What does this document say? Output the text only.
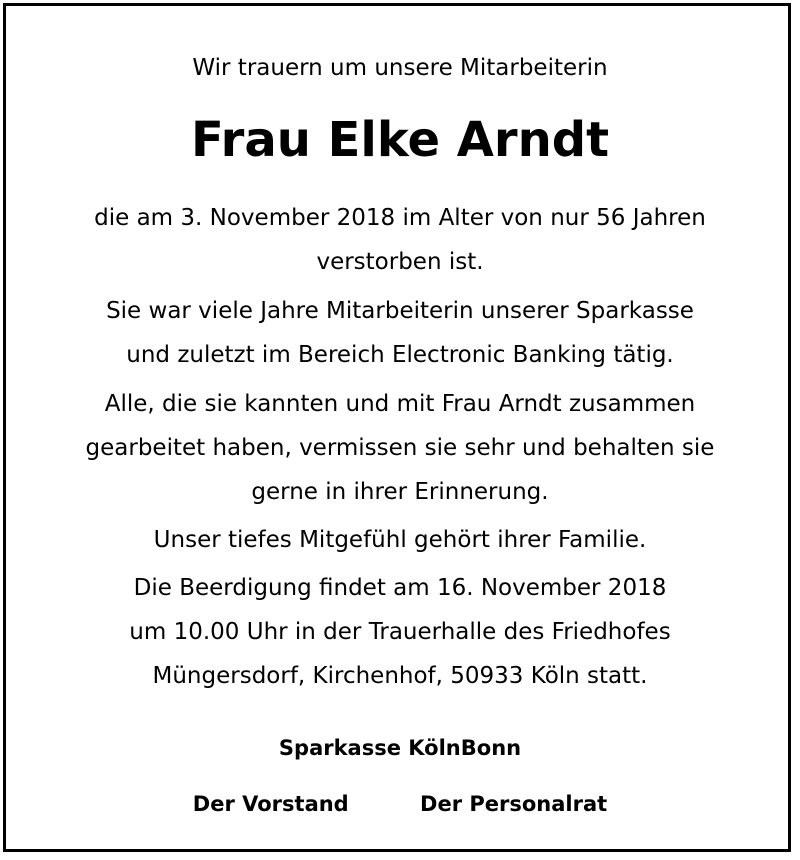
Wir trauern um unsere Mitarbeiterin
Frau Elke Arndt

die am 3. November 2018 im Alter von nur 56 Jahren
verstorben ist.

Sie war viele Jahre Mitarbeiterin unserer Sparkasse
und zuletzt im Bereich Electronic Banking tätig.

Alle, die sie kannten und mit Frau Arndt zusammen
gearbeitet haben, vermissen sie sehr und behalten sie
gerne in ihrer Erinnerung.

Unser tiefes Mitgefühl gehört ihrer Familie.

Die Beerdigung findet am 16. November 2018
um 10.00 Uhr in der Trauerhalle des Friedhofes
Müngersdorf, Kirchenhof, 50933 Köln statt.

Sparkasse KölnBonn
Der Vorstand	Der Personalrat
